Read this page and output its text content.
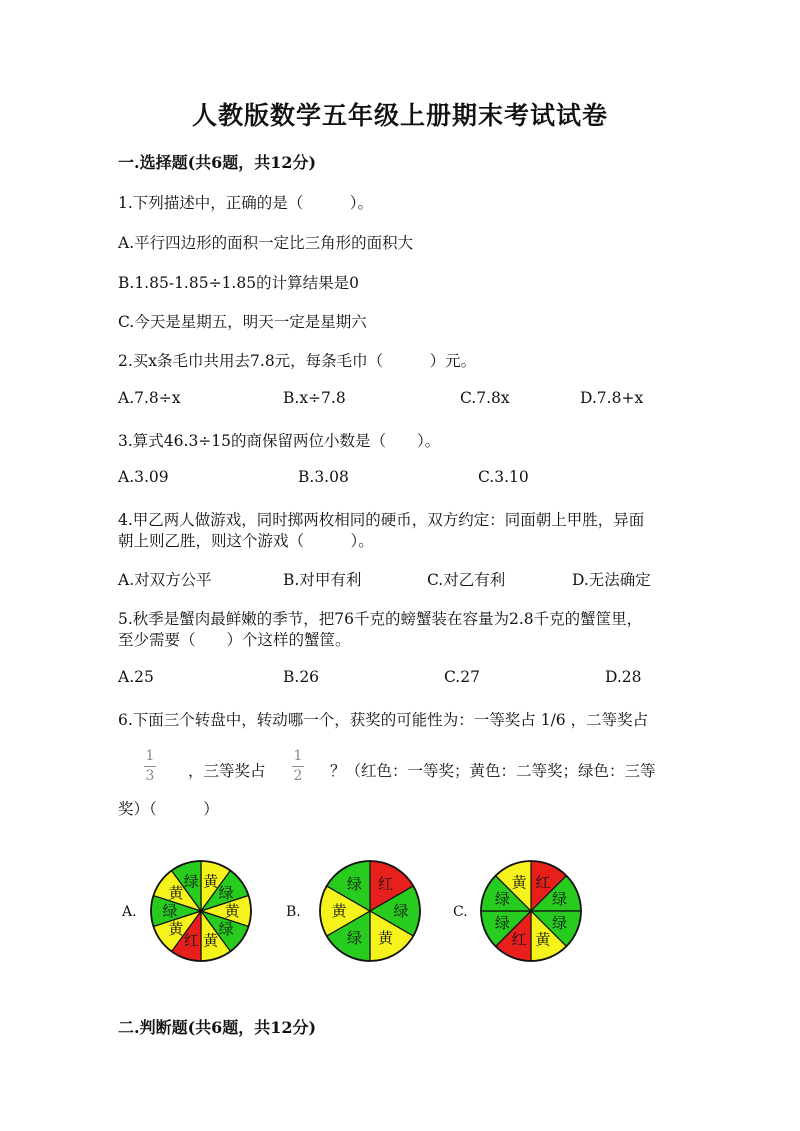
人教版数学五年级上册期末考试试卷
一.选择题(共6题，共12分)
1.下列描述中，正确的是（　　　）。
A.平行四边形的面积一定比三角形的面积大
B.1.85-1.85÷1.85的计算结果是0
C.今天是星期五，明天一定是星期六
2.买x条毛巾共用去7.8元，每条毛巾（　　　）元。
A.7.8÷x	B.x÷7.8	C.7.8x	D.7.8+x
3.算式46.3÷15的商保留两位小数是（　　）。
A.3.09	B.3.08	C.3.10
4.甲乙两人做游戏，同时掷两枚相同的硬币，双方约定：同面朝上甲胜，异面
朝上则乙胜，则这个游戏（　　　）。
A.对双方公平	B.对甲有利	C.对乙有利	D.无法确定
5.秋季是蟹肉最鲜嫩的季节，把76千克的螃蟹装在容量为2.8千克的蟹筐里，
至少需要（　　）个这样的蟹筐。
A.25	B.26	C.27	D.28
6.下面三个转盘中，转动哪一个，获奖的可能性为：一等奖占 1/6 ，二等奖占
1
3 ，三等奖占
1
2 ？（红色：一等奖；黄色：二等奖；绿色：三等
奖）（　　　）
A.
黄
绿
黄
绿
黄
红
黄
绿
黄
绿
B.
红
绿
黄
绿
黄
绿
C.
红
绿
绿
黄
红
绿
绿
黄
二.判断题(共6题，共12分)
